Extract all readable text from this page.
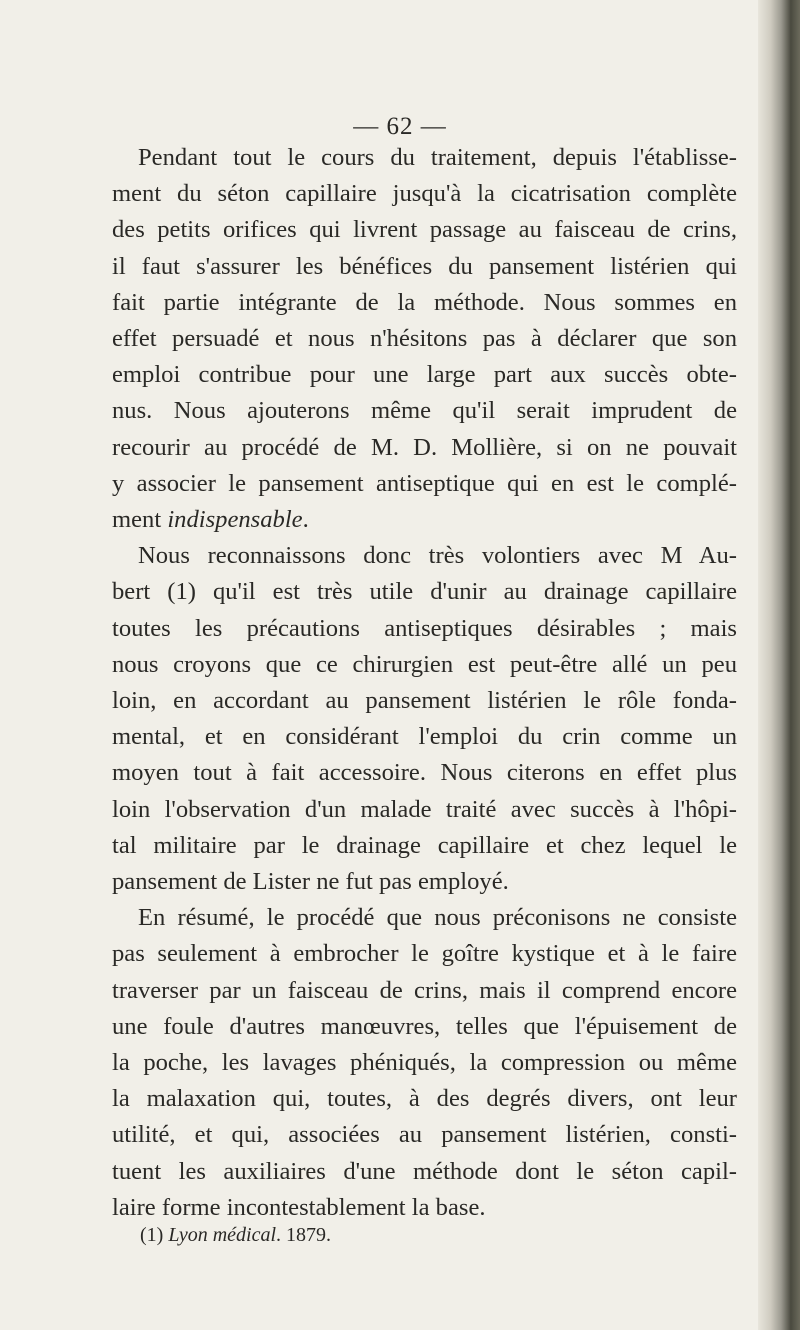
— 62 —
Pendant tout le cours du traitement, depuis l'établisse-
ment du séton capillaire jusqu'à la cicatrisation complète
des petits orifices qui livrent passage au faisceau de crins,
il faut s'assurer les bénéfices du pansement listérien qui
fait partie intégrante de la méthode. Nous sommes en
effet persuadé et nous n'hésitons pas à déclarer que son
emploi contribue pour une large part aux succès obte-
nus. Nous ajouterons même qu'il serait imprudent de
recourir au procédé de M. D. Mollière, si on ne pouvait
y associer le pansement antiseptique qui en est le complé-
ment indispensable.
Nous reconnaissons donc très volontiers avec M Au-
bert (1) qu'il est très utile d'unir au drainage capillaire
toutes les précautions antiseptiques désirables ; mais
nous croyons que ce chirurgien est peut-être allé un peu
loin, en accordant au pansement listérien le rôle fonda-
mental, et en considérant l'emploi du crin comme un
moyen tout à fait accessoire. Nous citerons en effet plus
loin l'observation d'un malade traité avec succès à l'hôpi-
tal militaire par le drainage capillaire et chez lequel le
pansement de Lister ne fut pas employé.
En résumé, le procédé que nous préconisons ne consiste
pas seulement à embrocher le goître kystique et à le faire
traverser par un faisceau de crins, mais il comprend encore
une foule d'autres manœuvres, telles que l'épuisement de
la poche, les lavages phéniqués, la compression ou même
la malaxation qui, toutes, à des degrés divers, ont leur
utilité, et qui, associées au pansement listérien, consti-
tuent les auxiliaires d'une méthode dont le séton capil-
laire forme incontestablement la base.
(1) Lyon médical. 1879.
